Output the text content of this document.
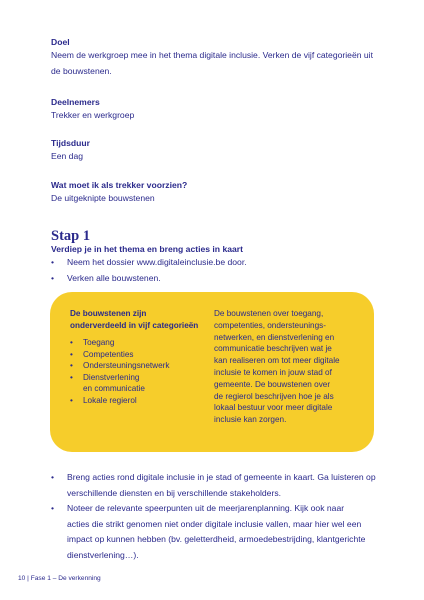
Doel
Neem de werkgroep mee in het thema digitale inclusie. Verken de vijf categorieën uit
de bouwstenen.
Deelnemers
Trekker en werkgroep
Tijdsduur
Een dag
Wat moet ik als trekker voorzien?
De uitgeknipte bouwstenen
Stap 1
Verdiep je in het thema en breng acties in kaart
• Neem het dossier www.digitaleinclusie.be door.
• Verken alle bouwstenen.
De bouwstenen zijn
onderverdeeld in vijf categorieën
• Toegang
• Competenties
• Ondersteuningsnetwerk
• Dienstverlening
en communicatie
• Lokale regierol
De bouwstenen over toegang,
competenties, ondersteunings-
netwerken, en dienstverlening en
communicatie beschrijven wat je
kan realiseren om tot meer digitale
inclusie te komen in jouw stad of
gemeente. De bouwstenen over
de regierol beschrijven hoe je als
lokaal bestuur voor meer digitale
inclusie kan zorgen.
• Breng acties rond digitale inclusie in je stad of gemeente in kaart. Ga luisteren op
verschillende diensten en bij verschillende stakeholders.
• Noteer de relevante speerpunten uit de meerjarenplanning. Kijk ook naar
acties die strikt genomen niet onder digitale inclusie vallen, maar hier wel een
impact op kunnen hebben (bv. geletterdheid, armoedebestrijding, klantgerichte
dienstverlening…).
10 | Fase 1 – De verkenning
